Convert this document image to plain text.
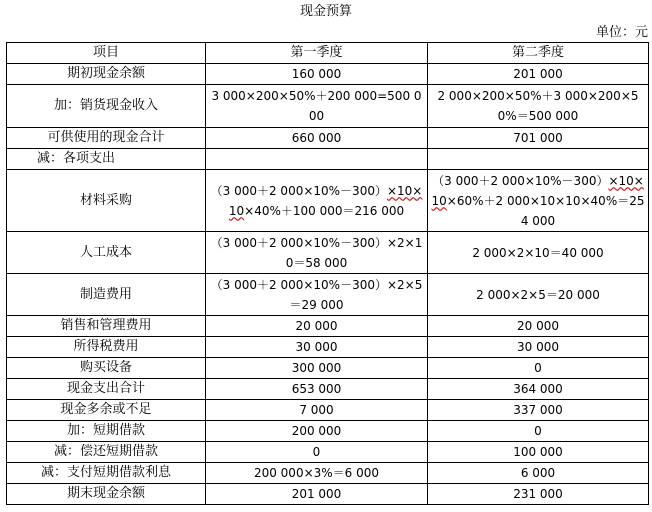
现金预算
单位：元
项目	第一季度	第二季度
期初现金余额	160 000	201 000
加：销货现金收入	3 000×200×50%＋200 000=500 000	2 000×200×50%＋3 000×200×50%＝500 000
可供使用的现金合计	660 000	701 000
减：各项支出		
材料采购	（3 000＋2 000×10%－300）×10×10×40%＋100 000＝216 000	（3 000＋2 000×10%－300）×10×10×60%＋2 000×10×10×40%＝254 000
人工成本	（3 000＋2 000×10%－300）×2×10＝58 000	2 000×2×10＝40 000
制造费用	（3 000＋2 000×10%－300）×2×5＝29 000	2 000×2×5＝20 000
销售和管理费用	20 000	20 000
所得税费用	30 000	30 000
购买设备	300 000	0
现金支出合计	653 000	364 000
现金多余或不足	7 000	337 000
加：短期借款	200 000	0
减：偿还短期借款	0	100 000
减：支付短期借款利息	200 000×3%＝6 000	6 000
期末现金余额	201 000	231 000
